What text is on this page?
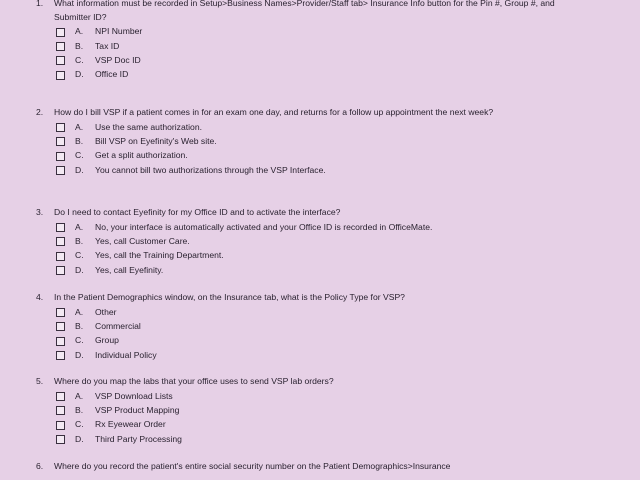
1.	What information must be recorded in Setup>Business Names>Provider/Staff tab> Insurance Info button for the Pin #, Group #, and Submitter ID?
A.	NPI Number
B.	Tax ID
C.	VSP Doc ID
D.	Office ID
2.	How do I bill VSP if a patient comes in for an exam one day, and returns for a follow up appointment the next week?
A.	Use the same authorization.
B.	Bill VSP on Eyefinity's Web site.
C.	Get a split authorization.
D.	You cannot bill two authorizations through the VSP Interface.
3.	Do I need to contact Eyefinity for my Office ID and to activate the interface?
A.	No, your interface is automatically activated and your Office ID is recorded in OfficeMate.
B.	Yes, call Customer Care.
C.	Yes, call the Training Department.
D.	Yes, call Eyefinity.
4.	In the Patient Demographics window, on the Insurance tab, what is the Policy Type for VSP?
A.	Other
B.	Commercial
C.	Group
D.	Individual Policy
5.	Where do you map the labs that your office uses to send VSP lab orders?
A.	VSP Download Lists
B.	VSP Product Mapping
C.	Rx Eyewear Order
D.	Third Party Processing
6.	Where do you record the patient's entire social security number on the Patient Demographics>Insurance
